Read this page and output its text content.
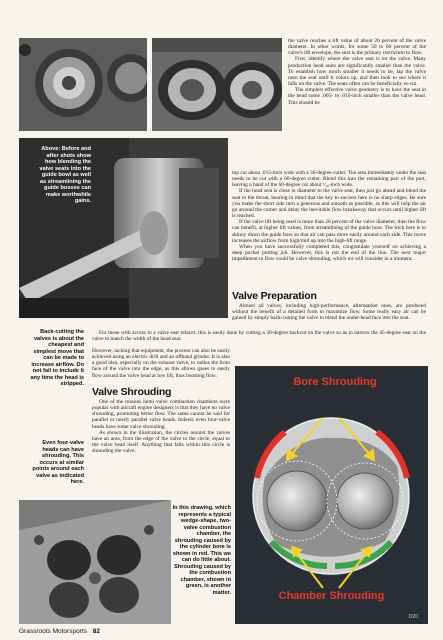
Above: Before and after shots show how blending the valve seats into the guide bowl as well as streamlining the guide bosses can make worthwhile gains.

the valve reaches a lift value of about 20 percent of the valve diameter. In other words, for some 50 to 60 percent of the valve's lift envelope, the seat is the primary restriction to flow.

First, identify where the valve seat is on the valve. Many production head seats are significantly smaller than the valve. To establish how much smaller it needs to be, lap the valve onto the seat until it colors up, and then look to see where it falls on the valve. The seats often can be beneficially re-cut.

The simplest effective valve geometry is to have the seat in the head some .005- to .010-inch smaller than the valve head. This should be

top cut about .015-inch wide with a 30-degree cutter. The area immediately under the seat needs to be cut with a 60-degree cutter. Blend this into the remaining part of the port, leaving a band of the 60-degree cut about ¹⁄₁₆-inch wide.

If the head seat is close in diameter to the valve seat, then just go ahead and blend the seat to the throat, bearing in mind that the key to success here is no sharp edges. Be sure you make the short side turn a generous and smooth as possible, as this will help the air go around the corner and delay the inevitable flow breakaway that occurs until higher lift is reached.

If the valve lift being used is more than 20 percent of the valve diameter, then the flow can benefit, at higher lift values, from streamlining of the guide boss. The trick here is to skinny down the guide boss so that air can pass more easily around each side. This move increases the airflow from high/mid up into the high-lift range.

When you have successfully completed this, congratulate yourself on achieving a deep pocket porting job. However, this is not the end of the line. The next major impediment to flow could be valve shrouding, which we will consider in a moment.

Valve Preparation

Almost all valves, including high-performance, aftermarket ones, are produced without the benefit of a detailed form to maximize flow. Some really easy air can be gained by simply back-cutting the valve to blend the under-head face into the seat.

Back-cutting the valves is about the cheapest and simplest move that can be made to increase airflow. Do not fail to include it any time the head is stripped.
Even four-valve heads can have shrouding. This occurs at similar points around each valve as indicated here.

For those with access to a valve seat refacer, this is easily done by cutting a 30-degree backcut on the valve so as to narrow the 45-degree seat on the valve to match the width of the head seat.

However, lacking that equipment, the process can also be easily achieved using an electric drill and an offhand grinder. It is also a good idea, especially on the exhaust valve, to radius the front face of the valve into the edge, as this allows gases to easily flow around the valve head at low lift, thus boosting flow.

Valve Shrouding

One of the reasons hemi valve combustion chambers were popular with aircraft engine designers is that they have no valve shrouding, promoting better flow. The same cannot be said for parallel or nearly parallel valve heads. Indeed, even four-valve heads have some valve shrouding.

As shown in the illustration, the circles around the valves have an area, from the edge of the valve to the circle, equal to the valve head itself. Anything that falls within this circle is shrouding the valve.

D20
Bore Shrouding
Chamber Shrouding
In this drawing, which represents a typical wedge-shape, two-valve combustion chamber, the shrouding caused by the cylinder bore is shown in red. This we can do little about. Shrouding caused by the combustion chamber, shown in green, is another matter.
Grassroots Motorsports 82
